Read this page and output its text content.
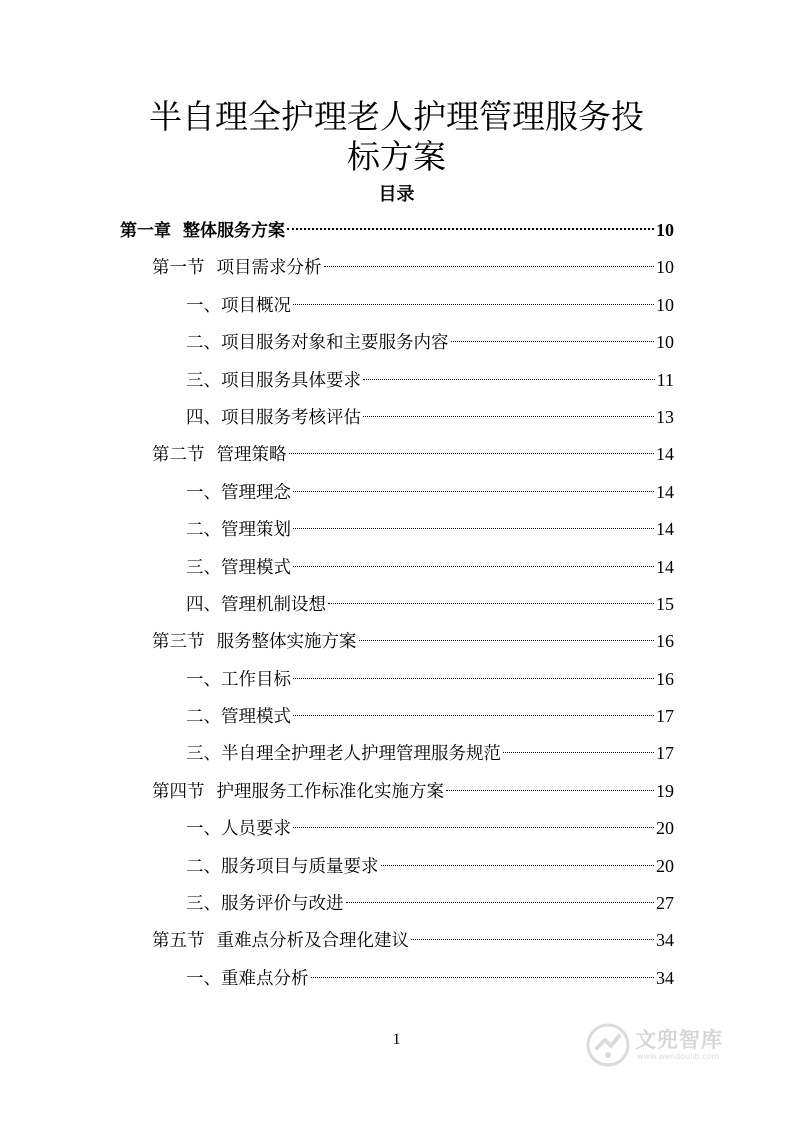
半自理全护理老人护理管理服务投
标方案
目录
第一章 整体服务方案	10
第一节 项目需求分析	10
一、 项目概况	10
二、 项目服务对象和主要服务内容	10
三、 项目服务具体要求	11
四、 项目服务考核评估	13
第二节 管理策略	14
一、 管理理念	14
二、 管理策划	14
三、 管理模式	14
四、 管理机制设想	15
第三节 服务整体实施方案	16
一、 工作目标	16
二、 管理模式	17
三、 半自理全护理老人护理管理服务规范	17
第四节 护理服务工作标准化实施方案	19
一、 人员要求	20
二、 服务项目与质量要求	20
三、 服务评价与改进	27
第五节 重难点分析及合理化建议	34
一、 重难点分析	34
1	文兜智库
www.wendoulib.com
